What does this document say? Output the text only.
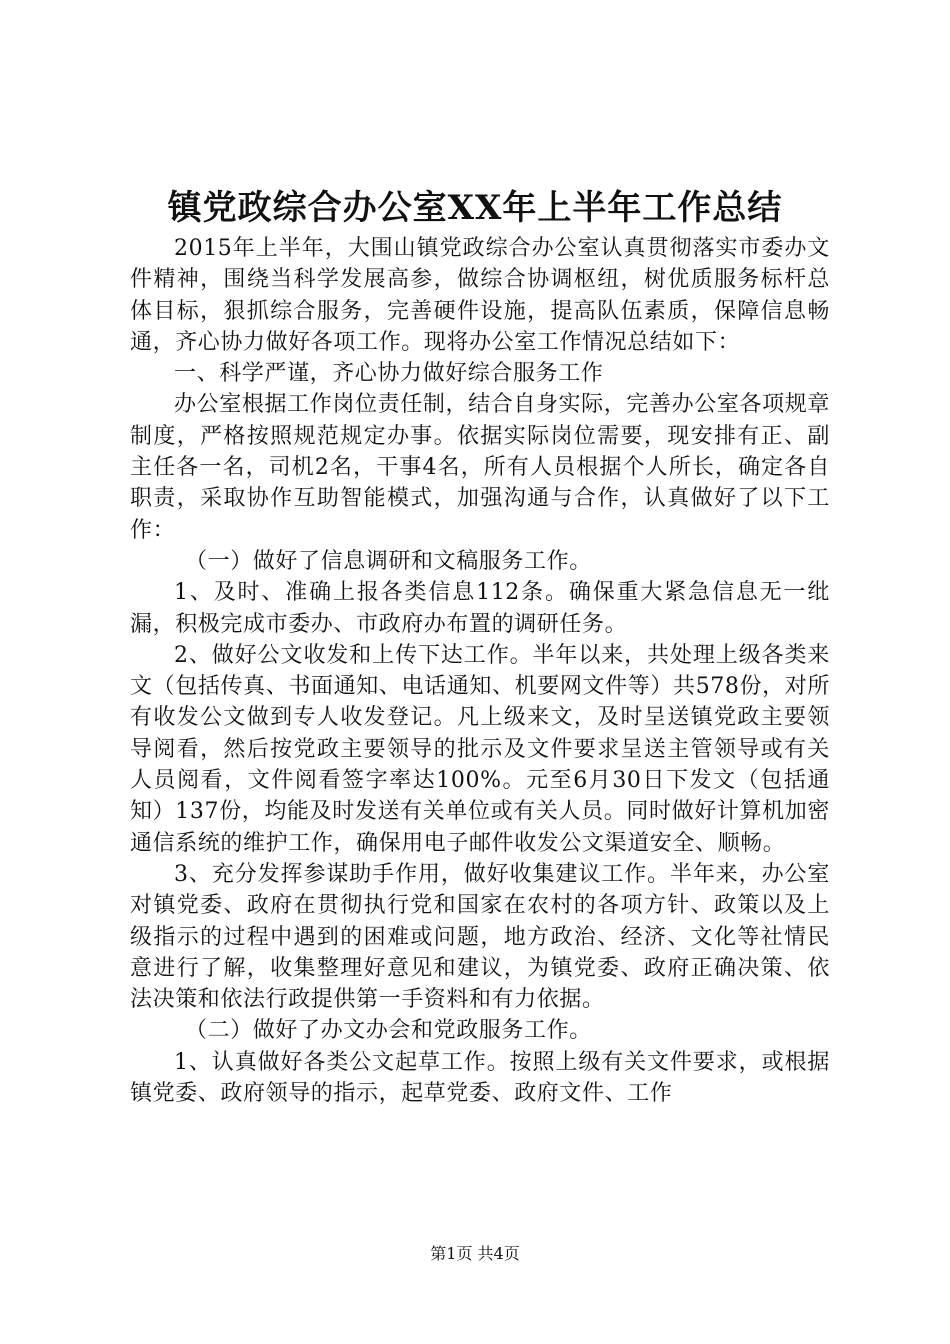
镇党政综合办公室XX年上半年工作总结

2015年上半年，大围山镇党政综合办公室认真贯彻落实市委办文件精神，围绕当科学发展高参，做综合协调枢纽，树优质服务标杆总体目标，狠抓综合服务，完善硬件设施，提高队伍素质，保障信息畅通，齐心协力做好各项工作。现将办公室工作情况总结如下：

一、科学严谨，齐心协力做好综合服务工作

办公室根据工作岗位责任制，结合自身实际，完善办公室各项规章制度，严格按照规范规定办事。依据实际岗位需要，现安排有正、副主任各一名，司机2名，干事4名，所有人员根据个人所长，确定各自职责，采取协作互助智能模式，加强沟通与合作，认真做好了以下工作：

（一）做好了信息调研和文稿服务工作。

1、及时、准确上报各类信息112条。确保重大紧急信息无一纰漏，积极完成市委办、市政府办布置的调研任务。

2、做好公文收发和上传下达工作。半年以来，共处理上级各类来文（包括传真、书面通知、电话通知、机要网文件等）共578份，对所有收发公文做到专人收发登记。凡上级来文，及时呈送镇党政主要领导阅看，然后按党政主要领导的批示及文件要求呈送主管领导或有关人员阅看，文件阅看签字率达100%。元至6月30日下发文（包括通知）137份，均能及时发送有关单位或有关人员。同时做好计算机加密通信系统的维护工作，确保用电子邮件收发公文渠道安全、顺畅。

3、充分发挥参谋助手作用，做好收集建议工作。半年来，办公室对镇党委、政府在贯彻执行党和国家在农村的各项方针、政策以及上级指示的过程中遇到的困难或问题，地方政治、经济、文化等社情民意进行了解，收集整理好意见和建议，为镇党委、政府正确决策、依法决策和依法行政提供第一手资料和有力依据。

（二）做好了办文办会和党政服务工作。

1、认真做好各类公文起草工作。按照上级有关文件要求，或根据镇党委、政府领导的指示，起草党委、政府文件、工作

第1页 共4页
